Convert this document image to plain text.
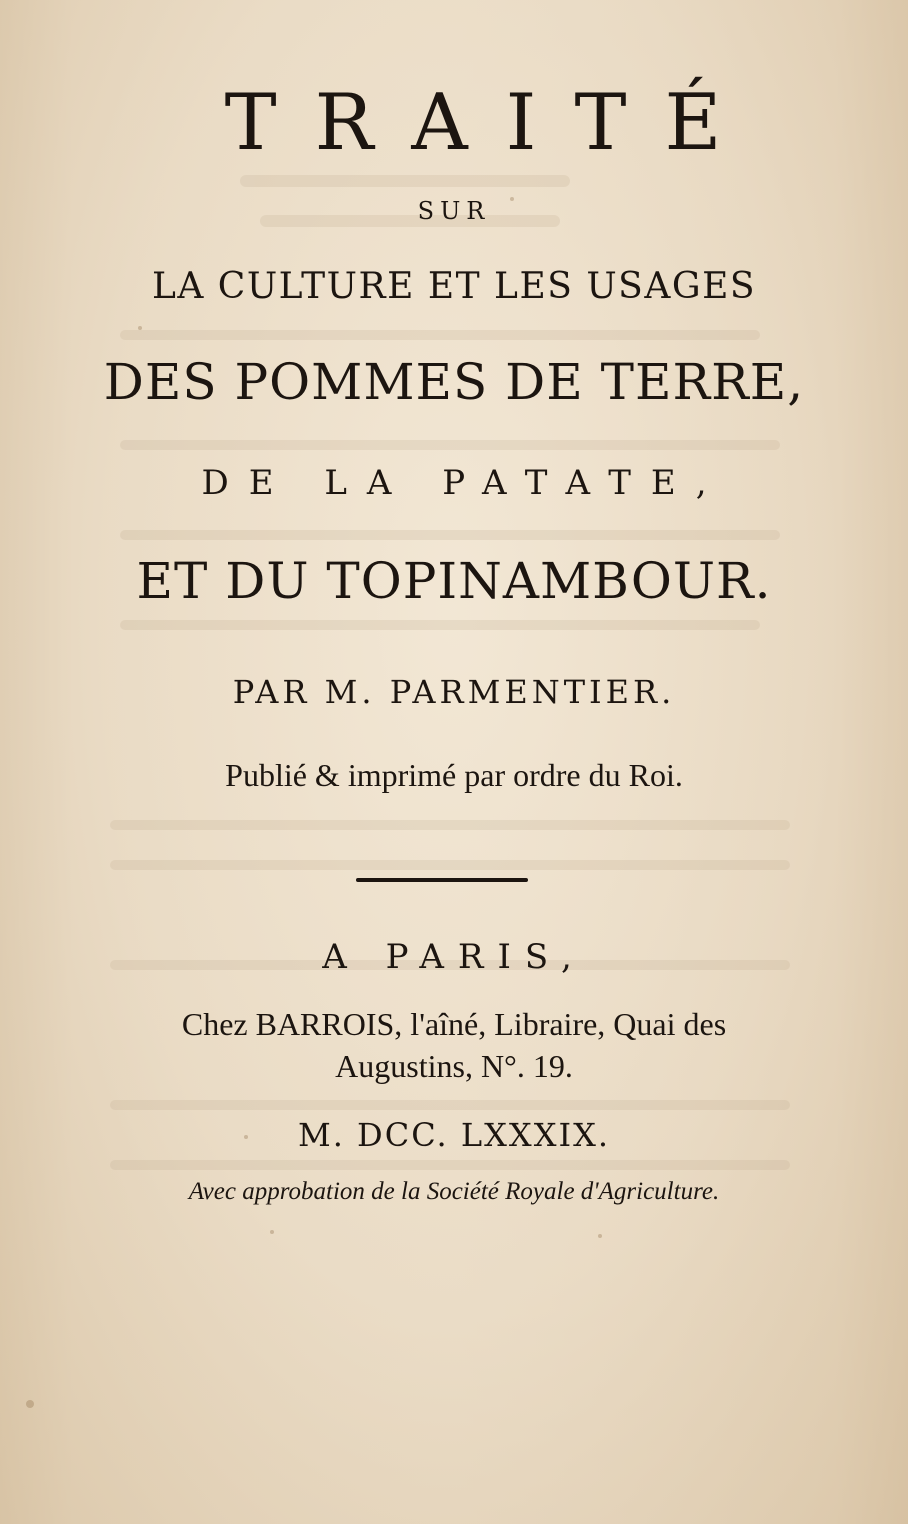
TRAITÉ
SUR
LA CULTURE ET LES USAGES
DES POMMES DE TERRE,
DE LA PATATE,
ET DU TOPINAMBOUR.
PAR M. PARMENTIER.
Publié & imprimé par ordre du Roi.
A PARIS,
Chez BARROIS, l'aîné, Libraire, Quai des
Augustins, N°. 19.
M. DCC. LXXXIX.
Avec approbation de la Société Royale d'Agriculture.
